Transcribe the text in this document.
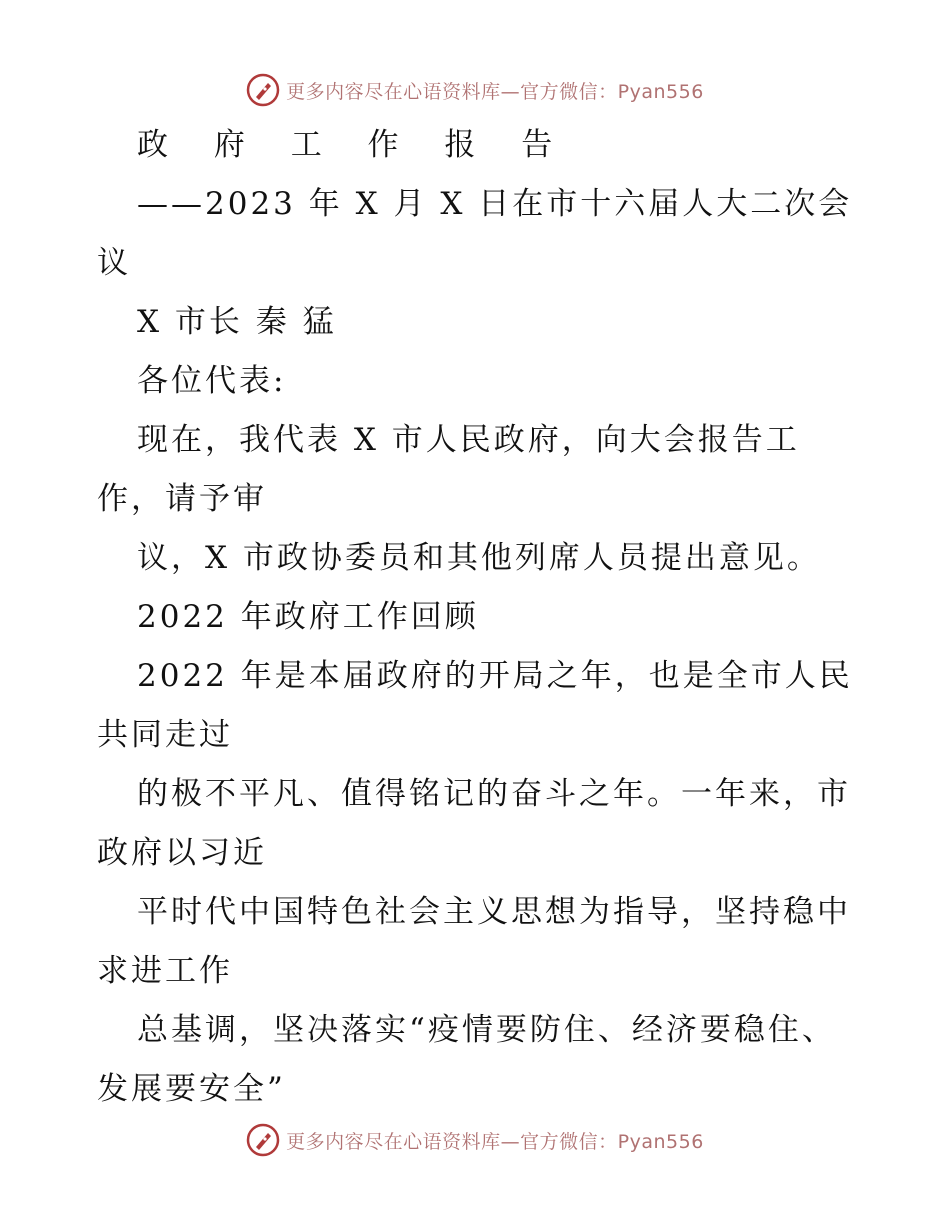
更多内容尽在心语资料库—官方微信：Pyan556
政 府 工 作 报 告
——2023 年 X 月 X 日在市十六届人大二次会
议
X 市长 秦 猛
各位代表:
现在，我代表 X 市人民政府，向大会报告工
作，请予审
议，X 市政协委员和其他列席人员提出意见。
2022 年政府工作回顾
2022 年是本届政府的开局之年，也是全市人民
共同走过
的极不平凡、值得铭记的奋斗之年。一年来，市
政府以习近
平时代中国特色社会主义思想为指导，坚持稳中
求进工作
总基调，坚决落实“疫情要防住、经济要稳住、
发展要安全”
更多内容尽在心语资料库—官方微信：Pyan556
